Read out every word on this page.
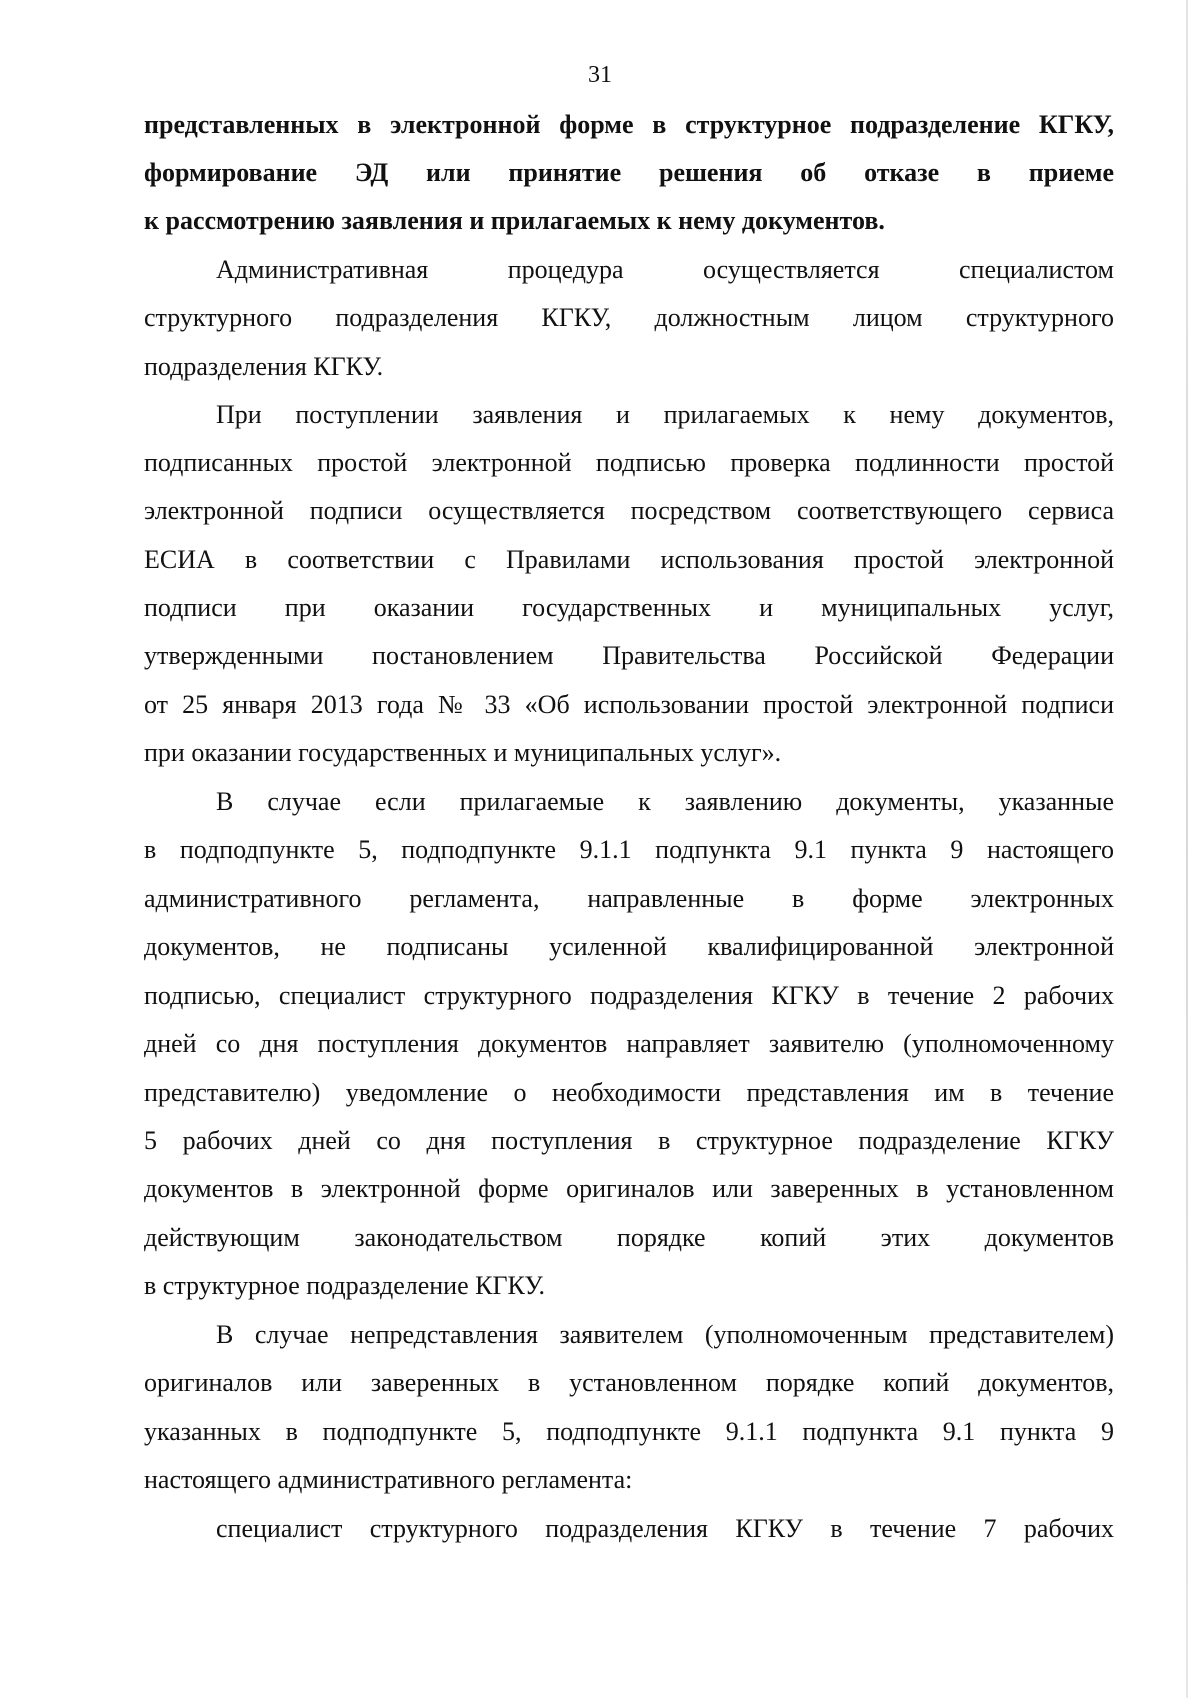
31
представленных в электронной форме в структурное подразделение КГКУ,
формирование ЭД или принятие решения об отказе в приеме
к рассмотрению заявления и прилагаемых к нему документов.
Административная процедура осуществляется специалистом
структурного подразделения КГКУ, должностным лицом структурного
подразделения КГКУ.
При поступлении заявления и прилагаемых к нему документов,
подписанных простой электронной подписью проверка подлинности простой
электронной подписи осуществляется посредством соответствующего сервиса
ЕСИА в соответствии с Правилами использования простой электронной
подписи при оказании государственных и муниципальных услуг,
утвержденными постановлением Правительства Российской Федерации
от 25 января 2013 года № 33 «Об использовании простой электронной подписи
при оказании государственных и муниципальных услуг».
В случае если прилагаемые к заявлению документы, указанные
в подподпункте 5, подподпункте 9.1.1 подпункта 9.1 пункта 9 настоящего
административного регламента, направленные в форме электронных
документов, не подписаны усиленной квалифицированной электронной
подписью, специалист структурного подразделения КГКУ в течение 2 рабочих
дней со дня поступления документов направляет заявителю (уполномоченному
представителю) уведомление о необходимости представления им в течение
5 рабочих дней со дня поступления в структурное подразделение КГКУ
документов в электронной форме оригиналов или заверенных в установленном
действующим законодательством порядке копий этих документов
в структурное подразделение КГКУ.
В случае непредставления заявителем (уполномоченным представителем)
оригиналов или заверенных в установленном порядке копий документов,
указанных в подподпункте 5, подподпункте 9.1.1 подпункта 9.1 пункта 9
настоящего административного регламента:
специалист структурного подразделения КГКУ в течение 7 рабочих
